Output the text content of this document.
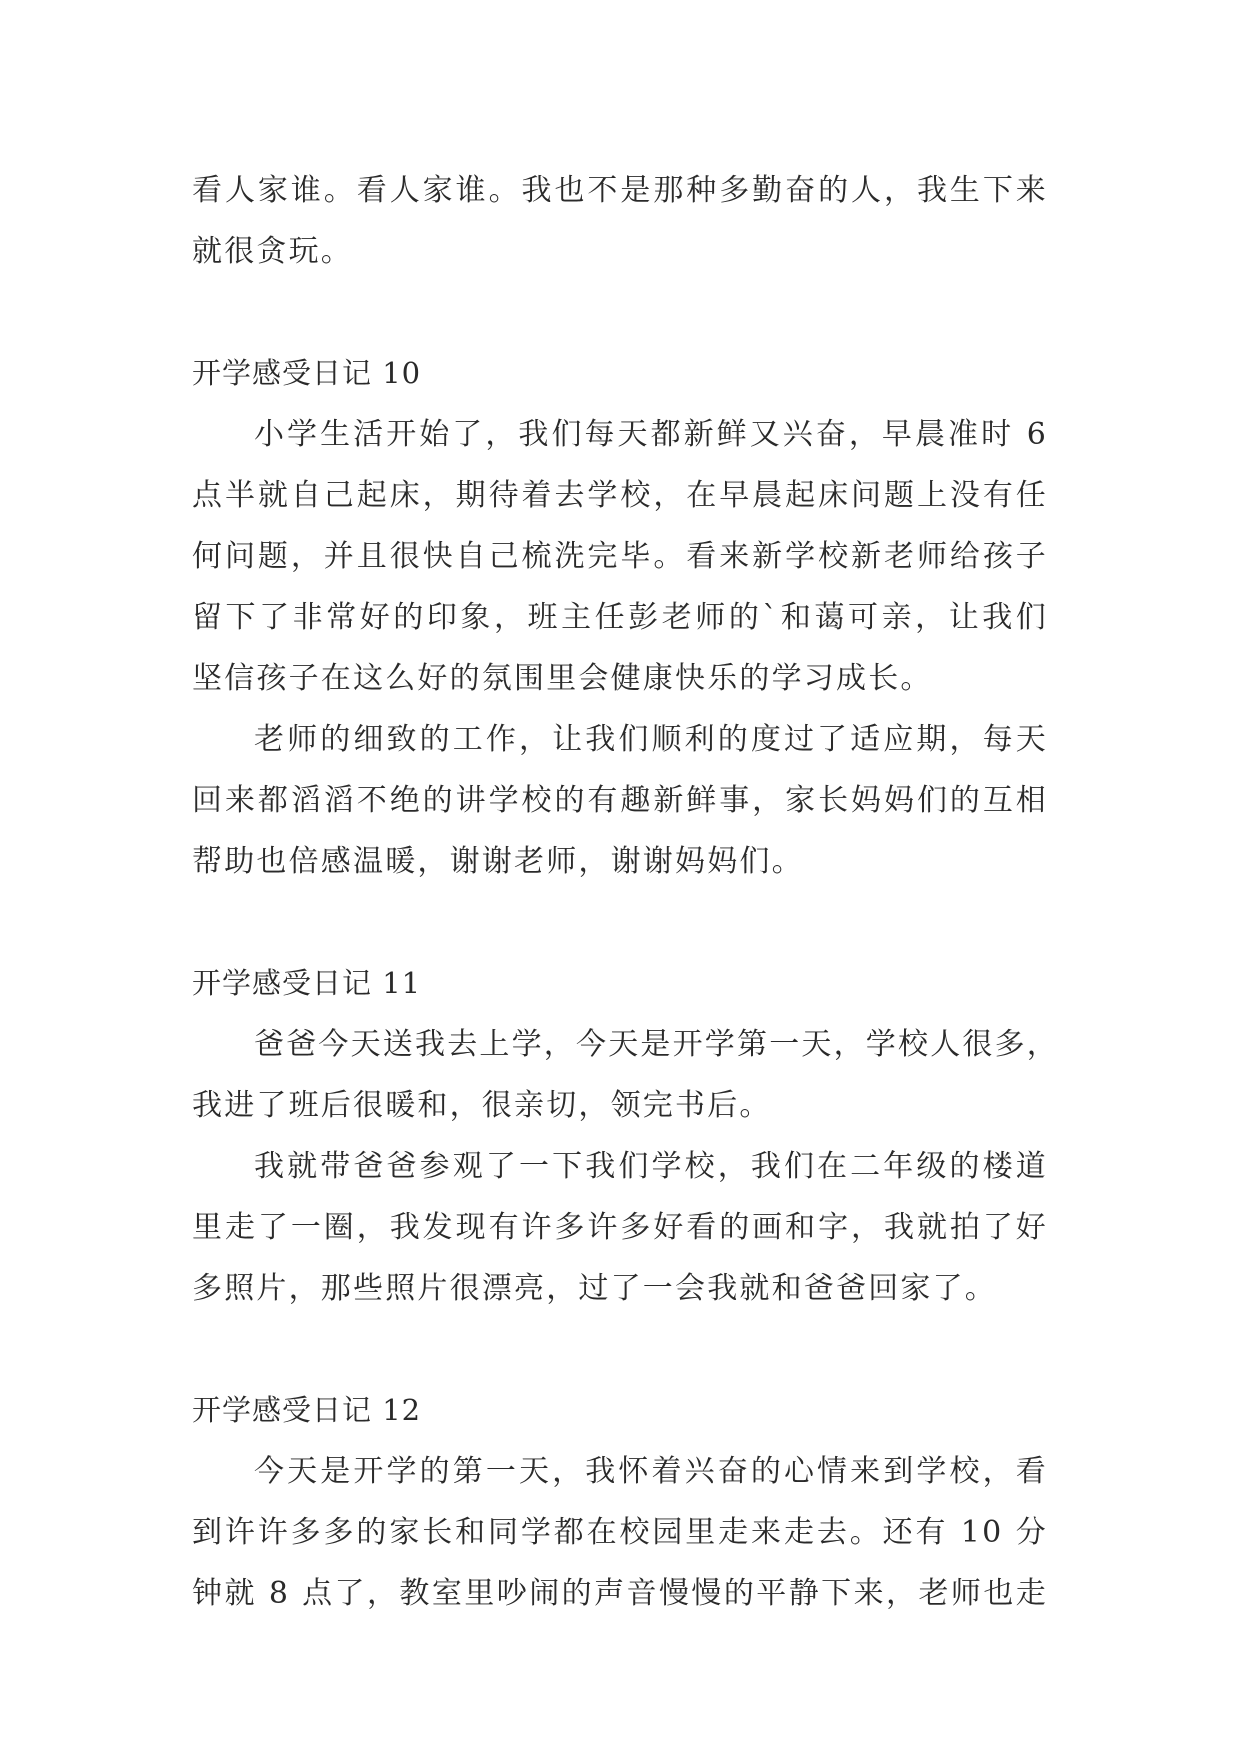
看人家谁。看人家谁。我也不是那种多勤奋的人，我生下来
就很贪玩。
开学感受日记 10
小学生活开始了，我们每天都新鲜又兴奋，早晨准时 6
点半就自己起床，期待着去学校，在早晨起床问题上没有任
何问题，并且很快自己梳洗完毕。看来新学校新老师给孩子
留下了非常好的印象，班主任彭老师的`和蔼可亲，让我们
坚信孩子在这么好的氛围里会健康快乐的学习成长。
老师的细致的工作，让我们顺利的度过了适应期，每天
回来都滔滔不绝的讲学校的有趣新鲜事，家长妈妈们的互相
帮助也倍感温暖，谢谢老师，谢谢妈妈们。
开学感受日记 11
爸爸今天送我去上学，今天是开学第一天，学校人很多，
我进了班后很暖和，很亲切，领完书后。
我就带爸爸参观了一下我们学校，我们在二年级的楼道
里走了一圈，我发现有许多许多好看的画和字，我就拍了好
多照片，那些照片很漂亮，过了一会我就和爸爸回家了。
开学感受日记 12
今天是开学的第一天，我怀着兴奋的心情来到学校，看
到许许多多的家长和同学都在校园里走来走去。还有 10 分
钟就 8 点了，教室里吵闹的声音慢慢的平静下来，老师也走
